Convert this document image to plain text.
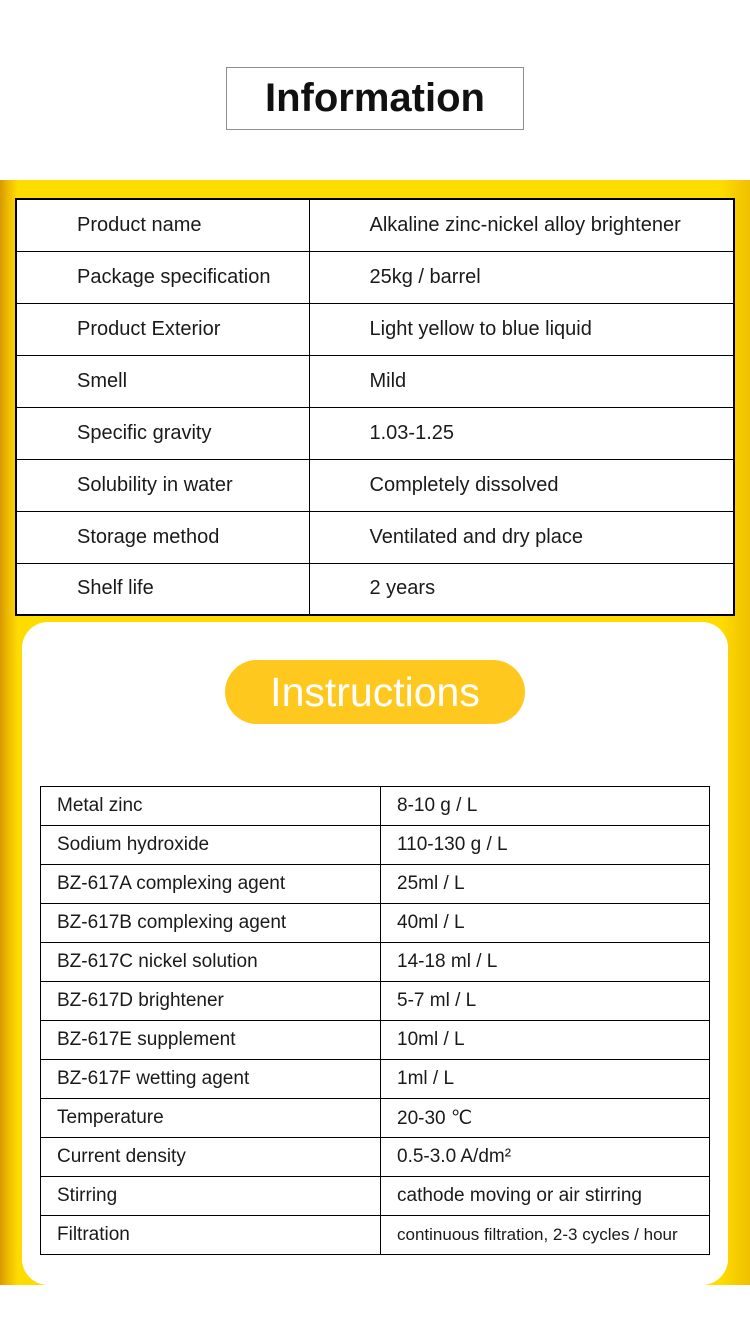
Information
Product name	Alkaline zinc-nickel alloy brightener
Package specification	25kg / barrel
Product Exterior	Light yellow to blue liquid
Smell	Mild
Specific gravity	1.03-1.25
Solubility in water	Completely dissolved
Storage method	Ventilated and dry place
Shelf life	2 years
Instructions
Metal zinc	8-10 g / L
Sodium hydroxide	110-130 g / L
BZ-617A complexing agent	25ml / L
BZ-617B complexing agent	40ml / L
BZ-617C nickel solution	14-18 ml / L
BZ-617D brightener	5-7 ml / L
BZ-617E supplement	10ml / L
BZ-617F wetting agent	1ml / L
Temperature	20-30 ℃
Current density	0.5-3.0 A/dm²
Stirring	cathode moving or air stirring
Filtration	continuous filtration, 2-3 cycles / hour
